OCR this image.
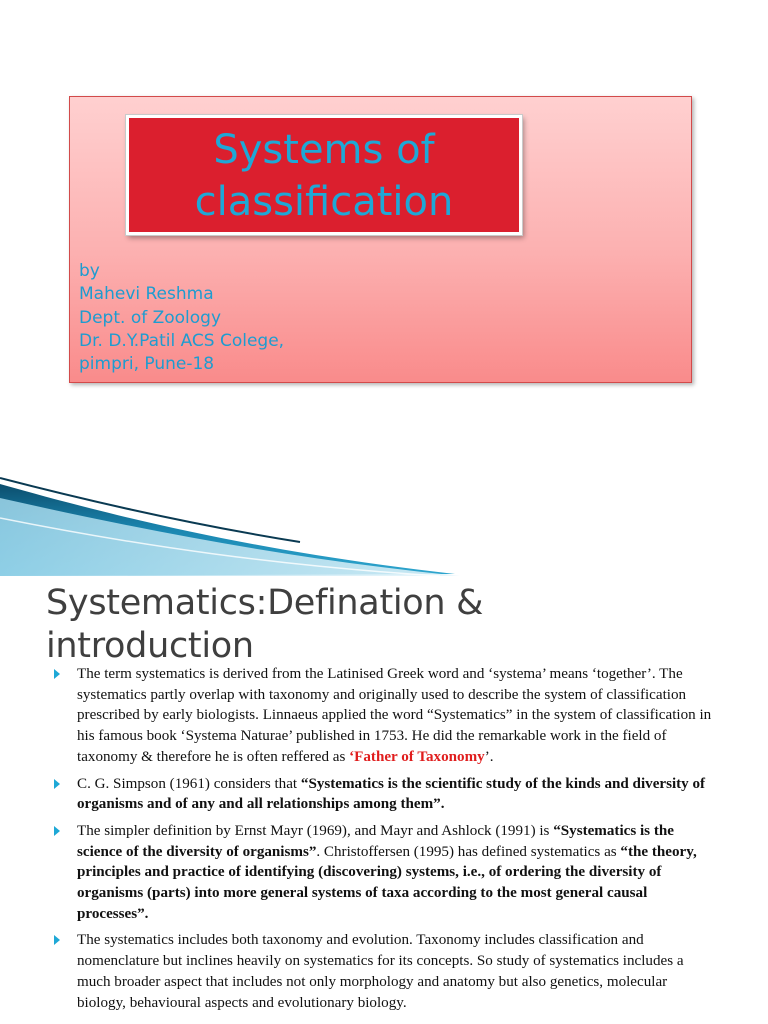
Systems of
classification
by
Mahevi Reshma
Dept. of Zoology
Dr. D.Y.Patil ACS Colege,
pimpri, Pune-18
Systematics:Defination &
introduction
The term systematics is derived from the Latinised Greek word and ‘systema’ means ‘together’. The systematics partly overlap with taxonomy and originally used to describe the system of classification prescribed by early biologists. Linnaeus applied the word “Systematics” in the system of classification in his famous book ‘Systema Naturae’ published in 1753. He did the remarkable work in the field of taxonomy & therefore he is often reffered as ‘Father of Taxonomy’.
C. G. Simpson (1961) considers that “Systematics is the scientific study of the kinds and diversity of organisms and of any and all relationships among them”.
The simpler definition by Ernst Mayr (1969), and Mayr and Ashlock (1991) is “Systematics is the science of the diversity of organisms”. Christoffersen (1995) has defined systematics as “the theory, principles and practice of identifying (discovering) systems, i.e., of ordering the diversity of organisms (parts) into more general systems of taxa according to the most general causal processes”.
The systematics includes both taxonomy and evolution. Taxonomy includes classification and nomenclature but inclines heavily on systematics for its concepts. So study of systematics includes a much broader aspect that includes not only morphology and anatomy but also genetics, molecular biology, behavioural aspects and evolutionary biology.
